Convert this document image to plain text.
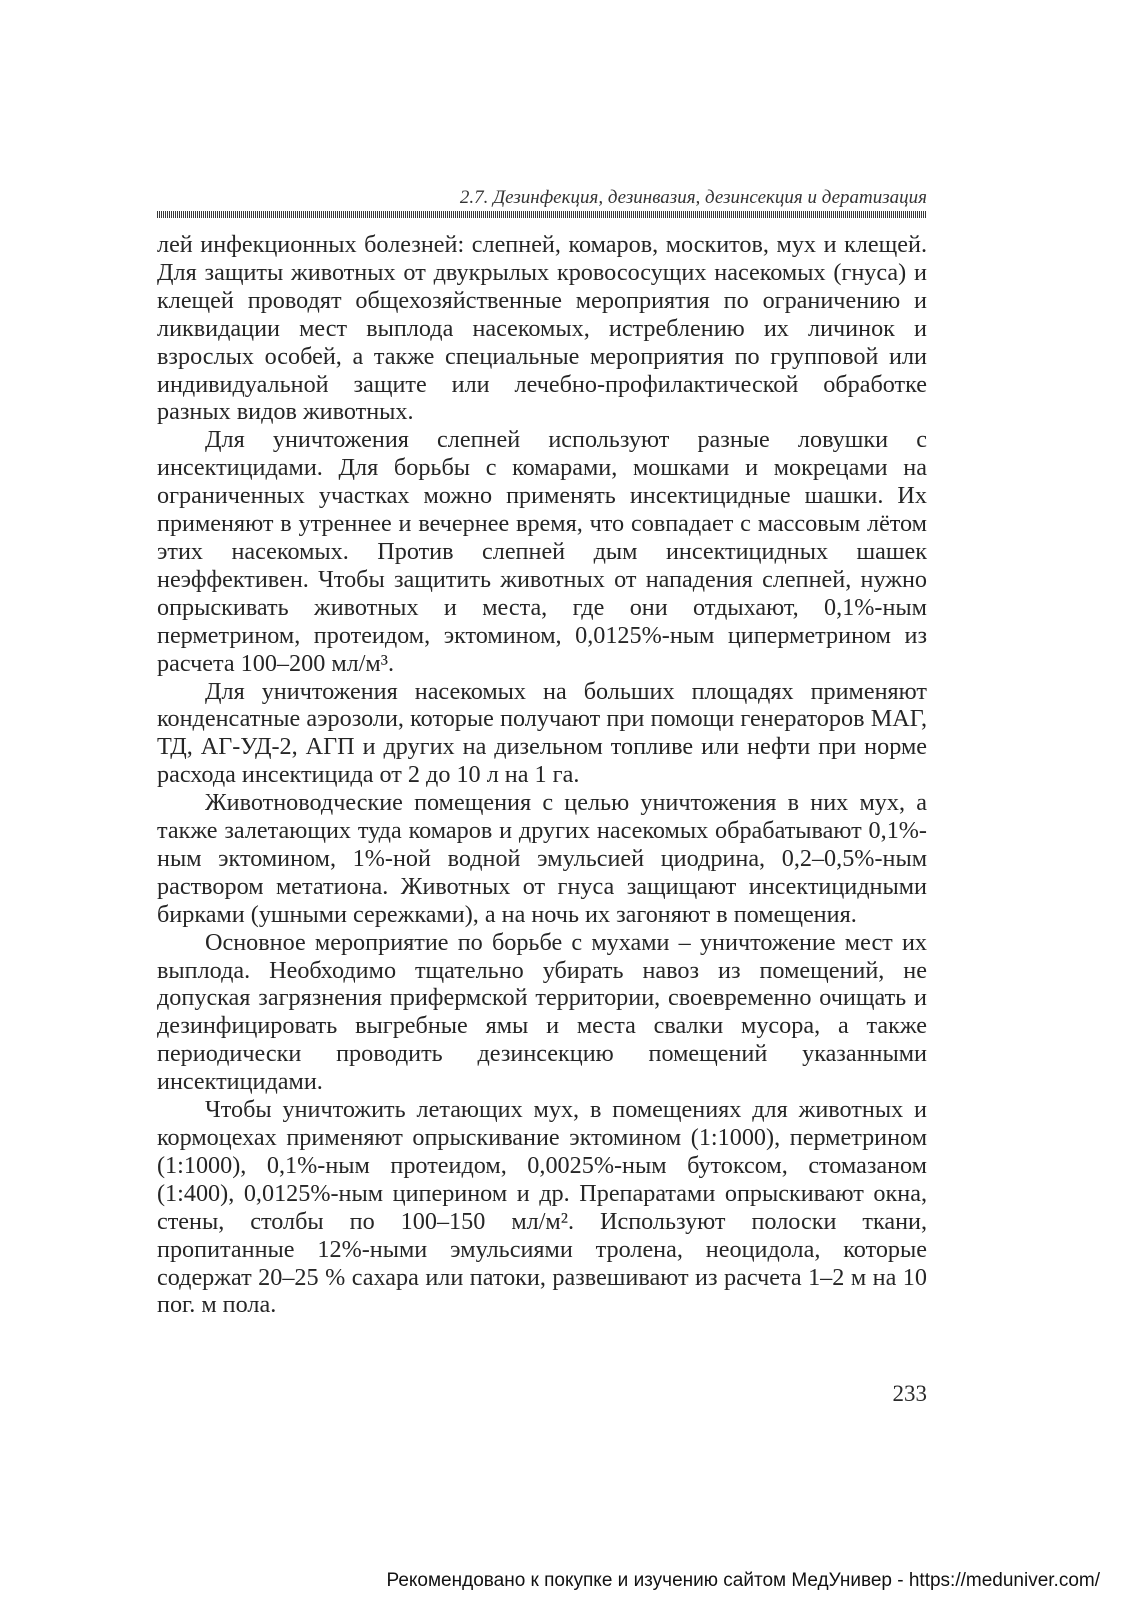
2.7. Дезинфекция, дезинвазия, дезинсекция и дератизация

лей инфекционных болезней: слепней, комаров, москитов, мух и клещей. Для защиты животных от двукрылых кровососущих насекомых (гнуса) и клещей проводят общехозяйственные мероприятия по ограничению и ликвидации мест выплода насекомых, истреблению их личинок и взрослых особей, а также специальные мероприятия по групповой или индивидуальной защите или лечебно-профилактической обработке разных видов животных.

Для уничтожения слепней используют разные ловушки с инсектицидами. Для борьбы с комарами, мошками и мокрецами на ограниченных участках можно применять инсектицидные шашки. Их применяют в утреннее и вечернее время, что совпадает с массовым лётом этих насекомых. Против слепней дым инсектицидных шашек неэффективен. Чтобы защитить животных от нападения слепней, нужно опрыскивать животных и места, где они отдыхают, 0,1%-ным перметрином, протеидом, эктомином, 0,0125%-ным циперметрином из расчета 100–200 мл/м³.

Для уничтожения насекомых на больших площадях применяют конденсатные аэрозоли, которые получают при помощи генераторов МАГ, ТД, АГ-УД-2, АГП и других на дизельном топливе или нефти при норме расхода инсектицида от 2 до 10 л на 1 га.

Животноводческие помещения с целью уничтожения в них мух, а также залетающих туда комаров и других насекомых обрабатывают 0,1%-ным эктомином, 1%-ной водной эмульсией циодрина, 0,2–0,5%-ным раствором метатиона. Животных от гнуса защищают инсектицидными бирками (ушными сережками), а на ночь их загоняют в помещения.

Основное мероприятие по борьбе с мухами – уничтожение мест их выплода. Необходимо тщательно убирать навоз из помещений, не допуская загрязнения прифермской территории, своевременно очищать и дезинфицировать выгребные ямы и места свалки мусора, а также периодически проводить дезинсекцию помещений указанными инсектицидами.

Чтобы уничтожить летающих мух, в помещениях для животных и кормоцехах применяют опрыскивание эктомином (1:1000), перметрином (1:1000), 0,1%-ным протеидом, 0,0025%-ным бутоксом, стомазаном (1:400), 0,0125%-ным циперином и др. Препаратами опрыскивают окна, стены, столбы по 100–150 мл/м². Используют полоски ткани, пропитанные 12%-ными эмульсиями тролена, неоцидола, которые содержат 20–25 % сахара или патоки, развешивают из расчета 1–2 м на 10 пог. м пола.

233
Рекомендовано к покупке и изучению сайтом МедУнивер - https://meduniver.com/
